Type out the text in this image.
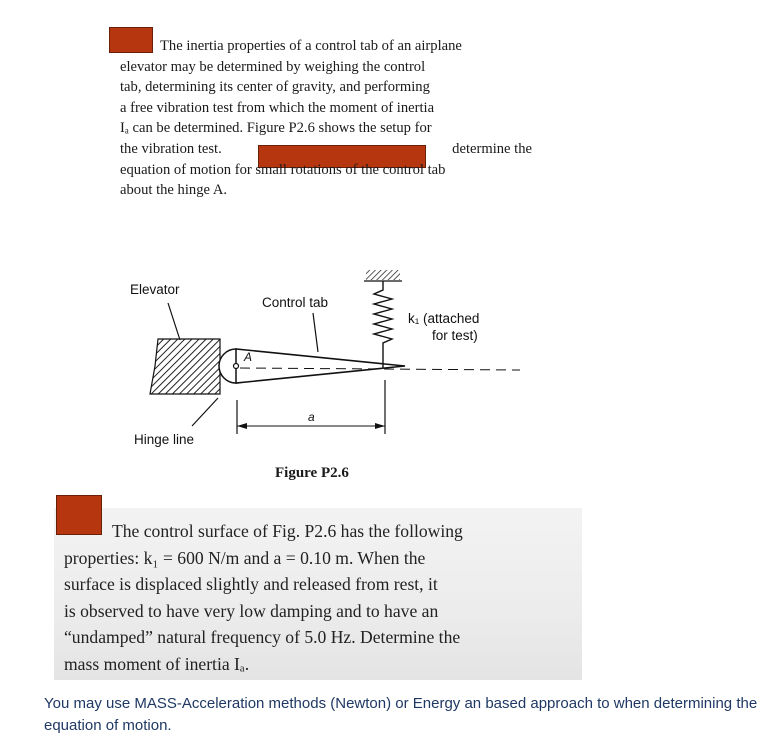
The inertia properties of a control tab of an airplane
elevator may be determined by weighing the control
tab, determining its center of gravity, and performing
a free vibration test from which the moment of inertia
Iₐ can be determined. Figure P2.6 shows the setup for
the vibration test.	determine the
equation of motion for small rotations of the control tab
about the hinge A.
Elevator
Control tab
k₁ (attached
for test)
Hinge line
A
a
Figure P2.6
The control surface of Fig. P2.6 has the following
properties: k₁ = 600 N/m and a = 0.10 m. When the
surface is displaced slightly and released from rest, it
is observed to have very low damping and to have an
“undamped” natural frequency of 5.0 Hz. Determine the
mass moment of inertia Iₐ.
You may use MASS-Acceleration methods (Newton) or Energy an based approach to when determining the equation of motion.
